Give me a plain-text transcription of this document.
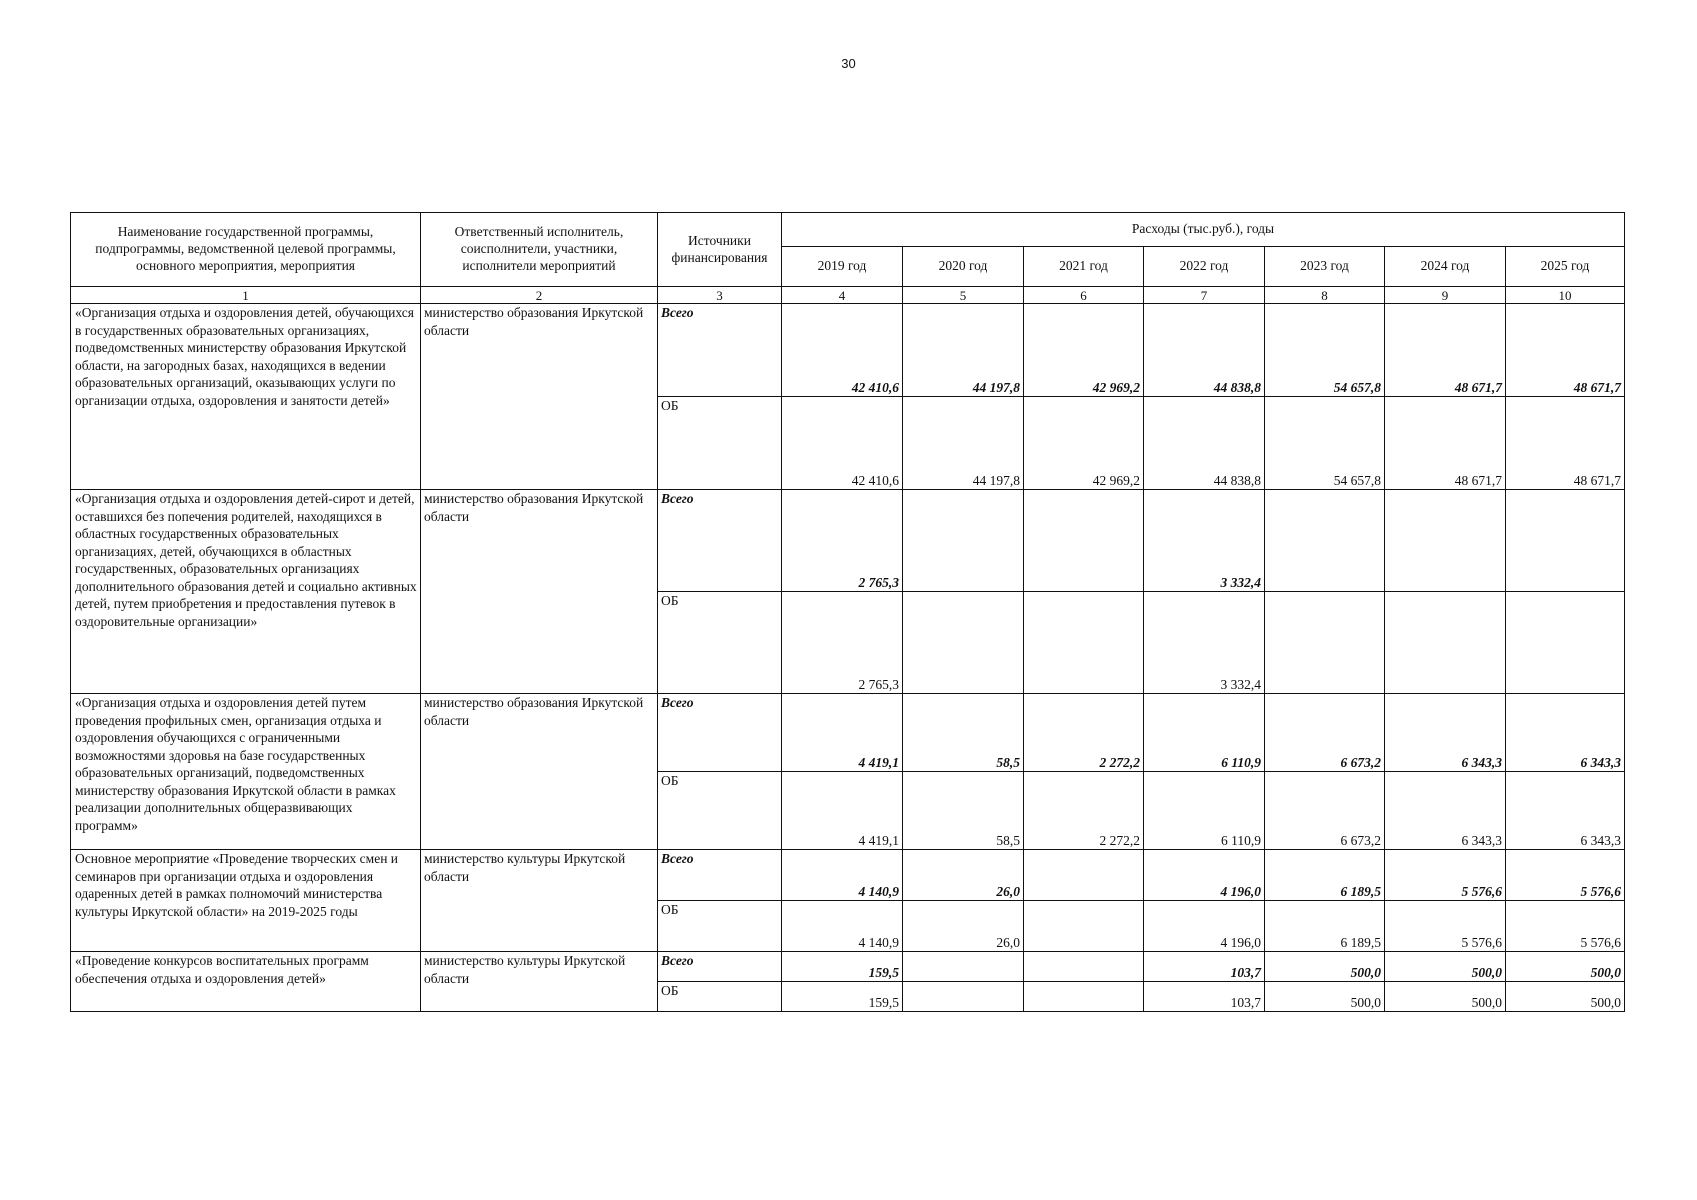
30
Наименование государственной программы, подпрограммы, ведомственной целевой программы, основного мероприятия, мероприятия	Ответственный исполнитель, соисполнители, участники, исполнители мероприятий	Источники финансирования	Расходы (тыс.руб.), годы						
			2019 год	2020 год	2021 год	2022 год	2023 год	2024 год	2025 год
1	2	3	4	5	6	7	8	9	10
«Организация отдыха и оздоровления детей, обучающихся в государственных образовательных организациях, подведомственных министерству образования Иркутской области, на загородных базах, находящихся в ведении образовательных организаций, оказывающих услуги по организации отдыха, оздоровления и занятости детей»	министерство образования Иркутской области	Всего	42 410,6	44 197,8	42 969,2	44 838,8	54 657,8	48 671,7	48 671,7
		ОБ	42 410,6	44 197,8	42 969,2	44 838,8	54 657,8	48 671,7	48 671,7
«Организация отдыха и оздоровления детей-сирот и детей, оставшихся без попечения родителей, находящихся в областных государственных образовательных организациях, детей, обучающихся в областных государственных, образовательных организациях дополнительного образования детей и социально активных детей, путем приобретения и предоставления путевок в оздоровительные организации»	министерство образования Иркутской области	Всего	2 765,3			3 332,4			
		ОБ	2 765,3			3 332,4			
«Организация отдыха и оздоровления детей путем проведения профильных смен, организация отдыха и оздоровления обучающихся с ограниченными возможностями здоровья на базе государственных образовательных организаций, подведомственных министерству образования Иркутской области в рамках реализации дополнительных общеразвивающих программ»	министерство образования Иркутской области	Всего	4 419,1	58,5	2 272,2	6 110,9	6 673,2	6 343,3	6 343,3
		ОБ	4 419,1	58,5	2 272,2	6 110,9	6 673,2	6 343,3	6 343,3
Основное мероприятие «Проведение творческих смен и семинаров при организации отдыха и оздоровления одаренных детей в рамках полномочий министерства культуры Иркутской области» на 2019-2025 годы	министерство культуры Иркутской области	Всего	4 140,9	26,0		4 196,0	6 189,5	5 576,6	5 576,6
		ОБ	4 140,9	26,0		4 196,0	6 189,5	5 576,6	5 576,6
«Проведение конкурсов воспитательных программ обеспечения отдыха и оздоровления детей»	министерство культуры Иркутской области	Всего	159,5			103,7	500,0	500,0	500,0
		ОБ	159,5			103,7	500,0	500,0	500,0
